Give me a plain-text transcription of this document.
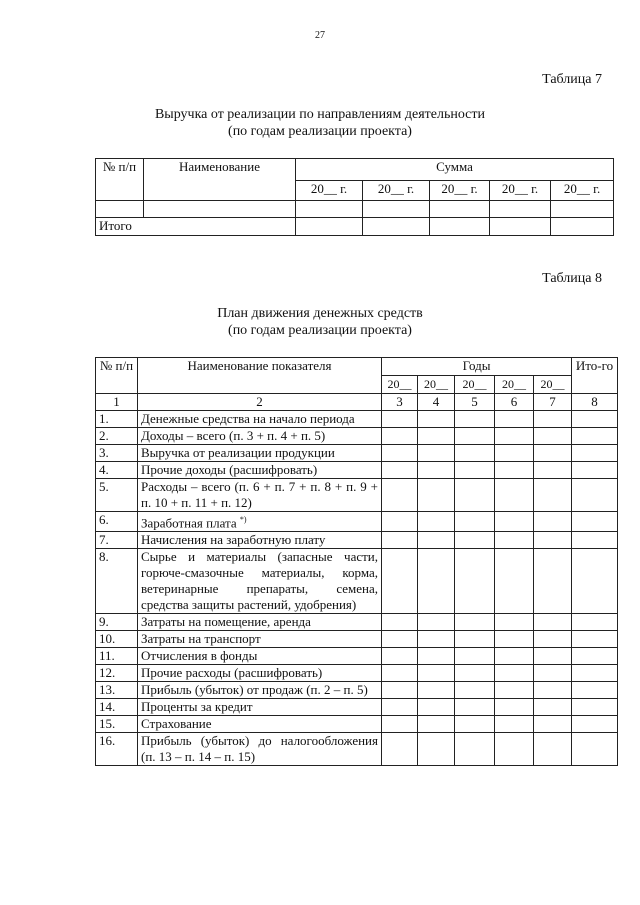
27
Таблица 7
Выручка от реализации по направлениям деятельности
(по годам реализации проекта)
№ п/п	Наименование	Сумма				
		20__ г.	20__ г.	20__ г.	20__ г.	20__ г.

Итого						
Таблица 8
План движения денежных средств
(по годам реализации проекта)
№ п/п	Наименование показателя	Годы					Ито-го
		20__	20__	20__	20__	20__	
1	2	3	4	5	6	7	8
1.	Денежные средства на начало периода						
2.	Доходы – всего (п. 3 + п. 4 + п. 5)						
3.	Выручка от реализации продукции						
4.	Прочие доходы (расшифровать)						
5.	Расходы – всего (п. 6 + п. 7 + п. 8 + п. 9 + п. 10 + п. 11 + п. 12)						
6.	Заработная плата *)						
7.	Начисления на заработную плату						
8.	Сырье и материалы (запасные части, горюче-смазочные материалы, корма, ветеринарные препараты, семена, средства защиты растений, удобрения)						
9.	Затраты на помещение, аренда						
10.	Затраты на транспорт						
11.	Отчисления в фонды						
12.	Прочие расходы (расшифровать)						
13.	Прибыль (убыток) от продаж (п. 2 – п. 5)						
14.	Проценты за кредит						
15.	Страхование						
16.	Прибыль (убыток) до налогообложения (п. 13 – п. 14 – п. 15)						
